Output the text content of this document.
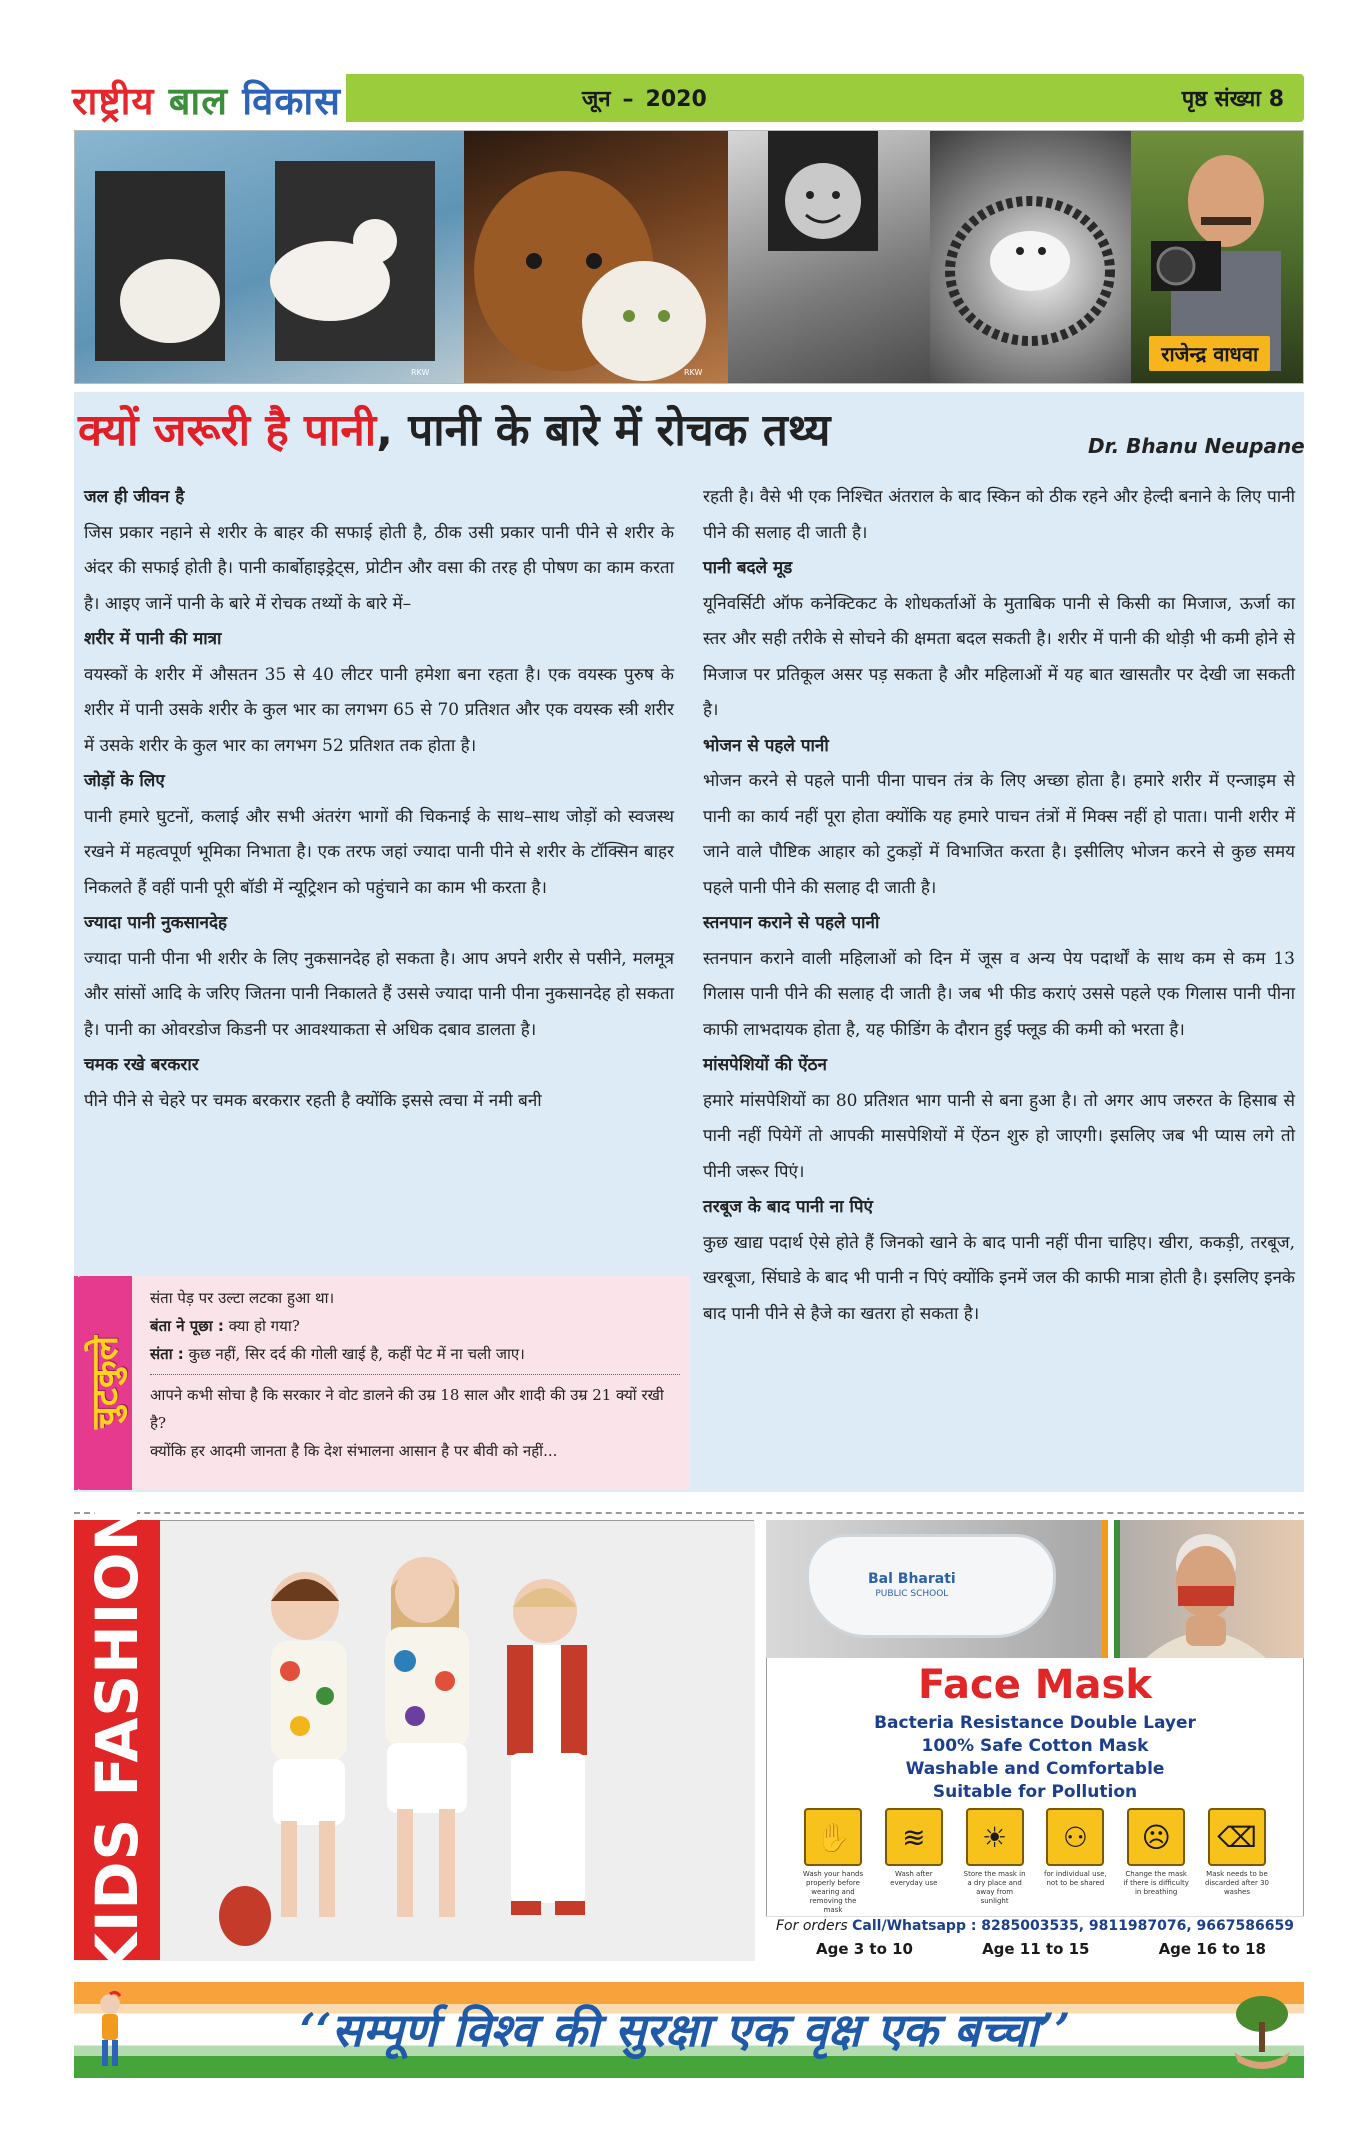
राष्ट्रीय बाल विकास	जून – 2020	पृष्ठ संख्या 8
RKW	RKW
राजेन्द्र वाधवा
क्यों जरूरी है पानी, पानी के बारे में रोचक तथ्य	Dr. Bhanu Neupane
जल ही जीवन है

जिस प्रकार नहाने से शरीर के बाहर की सफाई होती है, ठीक उसी प्रकार पानी पीने से शरीर के अंदर की सफाई होती है। पानी कार्बोहाइड्रेट्स, प्रोटीन और वसा की तरह ही पोषण का काम करता है। आइए जानें पानी के बारे में रोचक तथ्यों के बारे में–

शरीर में पानी की मात्रा

वयस्कों के शरीर में औसतन 35 से 40 लीटर पानी हमेशा बना रहता है। एक वयस्क पुरुष के शरीर में पानी उसके शरीर के कुल भार का लगभग 65 से 70 प्रतिशत और एक वयस्क स्त्री शरीर में उसके शरीर के कुल भार का लगभग 52 प्रतिशत तक होता है।

जोड़ों के लिए

पानी हमारे घुटनों, कलाई और सभी अंतरंग भागों की चिकनाई के साथ–साथ जोड़ों को स्वजस्थ रखने में महत्वपूर्ण भूमिका निभाता है। एक तरफ जहां ज्यादा पानी पीने से शरीर के टॉक्सिन बाहर निकलते हैं वहीं पानी पूरी बॉडी में न्यूट्रिशन को पहुंचाने का काम भी करता है।

ज्यादा पानी नुकसानदेह

ज्यादा पानी पीना भी शरीर के लिए नुकसानदेह हो सकता है। आप अपने शरीर से पसीने, मलमूत्र और सांसों आदि के जरिए जितना पानी निकालते हैं उससे ज्यादा पानी पीना नुकसानदेह हो सकता है। पानी का ओवरडोज किडनी पर आवश्याकता से अधिक दबाव डालता है।

चमक रखे बरकरार

पीने पीने से चेहरे पर चमक बरकरार रहती है क्योंकि इससे त्वचा में नमी बनी

रहती है। वैसे भी एक निश्चित अंतराल के बाद स्किन को ठीक रहने और हेल्दी बनाने के लिए पानी पीने की सलाह दी जाती है।

पानी बदले मूड

यूनिवर्सिटी ऑफ कनेक्टिकट के शोधकर्ताओं के मुताबिक पानी से किसी का मिजाज, ऊर्जा का स्तर और सही तरीके से सोचने की क्षमता बदल सकती है। शरीर में पानी की थोड़ी भी कमी होने से मिजाज पर प्रतिकूल असर पड़ सकता है और महिलाओं में यह बात खासतौर पर देखी जा सकती है।

भोजन से पहले पानी

भोजन करने से पहले पानी पीना पाचन तंत्र के लिए अच्छा होता है। हमारे शरीर में एन्जाइम से पानी का कार्य नहीं पूरा होता क्योंकि यह हमारे पाचन तंत्रों में मिक्स नहीं हो पाता। पानी शरीर में जाने वाले पौष्टिक आहार को टुकड़ों में विभाजित करता है। इसीलिए भोजन करने से कुछ समय पहले पानी पीने की सलाह दी जाती है।

स्तनपान कराने से पहले पानी

स्तनपान कराने वाली महिलाओं को दिन में जूस व अन्य पेय पदार्थों के साथ कम से कम 13 गिलास पानी पीने की सलाह दी जाती है। जब भी फीड कराएं उससे पहले एक गिलास पानी पीना काफी लाभदायक होता है, यह फीडिंग के दौरान हुई फ्लूड की कमी को भरता है।

मांसपेशियों की ऐंठन

हमारे मांसपेशियों का 80 प्रतिशत भाग पानी से बना हुआ है। तो अगर आप जरुरत के हिसाब से पानी नहीं पियेगें तो आपकी मासपेशियों में ऐंठन शुरु हो जाएगी। इसलिए जब भी प्यास लगे तो पीनी जरूर पिएं।

तरबूज के बाद पानी ना पिएं

कुछ खाद्य पदार्थ ऐसे होते हैं जिनको खाने के बाद पानी नहीं पीना चाहिए। खीरा, ककड़ी, तरबूज, खरबूजा, सिंघाडे के बाद भी पानी न पिएं क्योंकि इनमें जल की काफी मात्रा होती है। इसलिए इनके बाद पानी पीने से हैजे का खतरा हो सकता है।

चुटकुले
संता पेड़ पर उल्टा लटका हुआ था।
बंता ने पूछा : क्या हो गया?
संता : कुछ नहीं, सिर दर्द की गोली खाई है, कहीं पेट में ना चली जाए।
आपने कभी सोचा है कि सरकार ने वोट डालने की उम्र 18 साल और शादी की उम्र 21 क्यों रखी है?
क्योंकि हर आदमी जानता है कि देश संभालना आसान है पर बीवी को नहीं...
KIDS FASHION	Bal Bharati
PUBLIC SCHOOL
Face Mask
Bacteria Resistance Double Layer
100% Safe Cotton Mask
Washable and Comfortable
Suitable for Pollution
✋

Wash your hands properly before wearing and removing the mask

≋

Wash after everyday use

☀

Store the mask in a dry place and away from sunlight

⚇

for individual use, not to be shared

☹

Change the mask if there is difficulty in breathing

⌫

Mask needs to be discarded after 30 washes

For orders Call/Whatsapp : 8285003535, 9811987076, 9667586659
Age 3 to 10	Age 11 to 15	Age 16 to 18
‘‘सम्पूर्ण विश्व की सुरक्षा एक वृक्ष एक बच्चा’’
